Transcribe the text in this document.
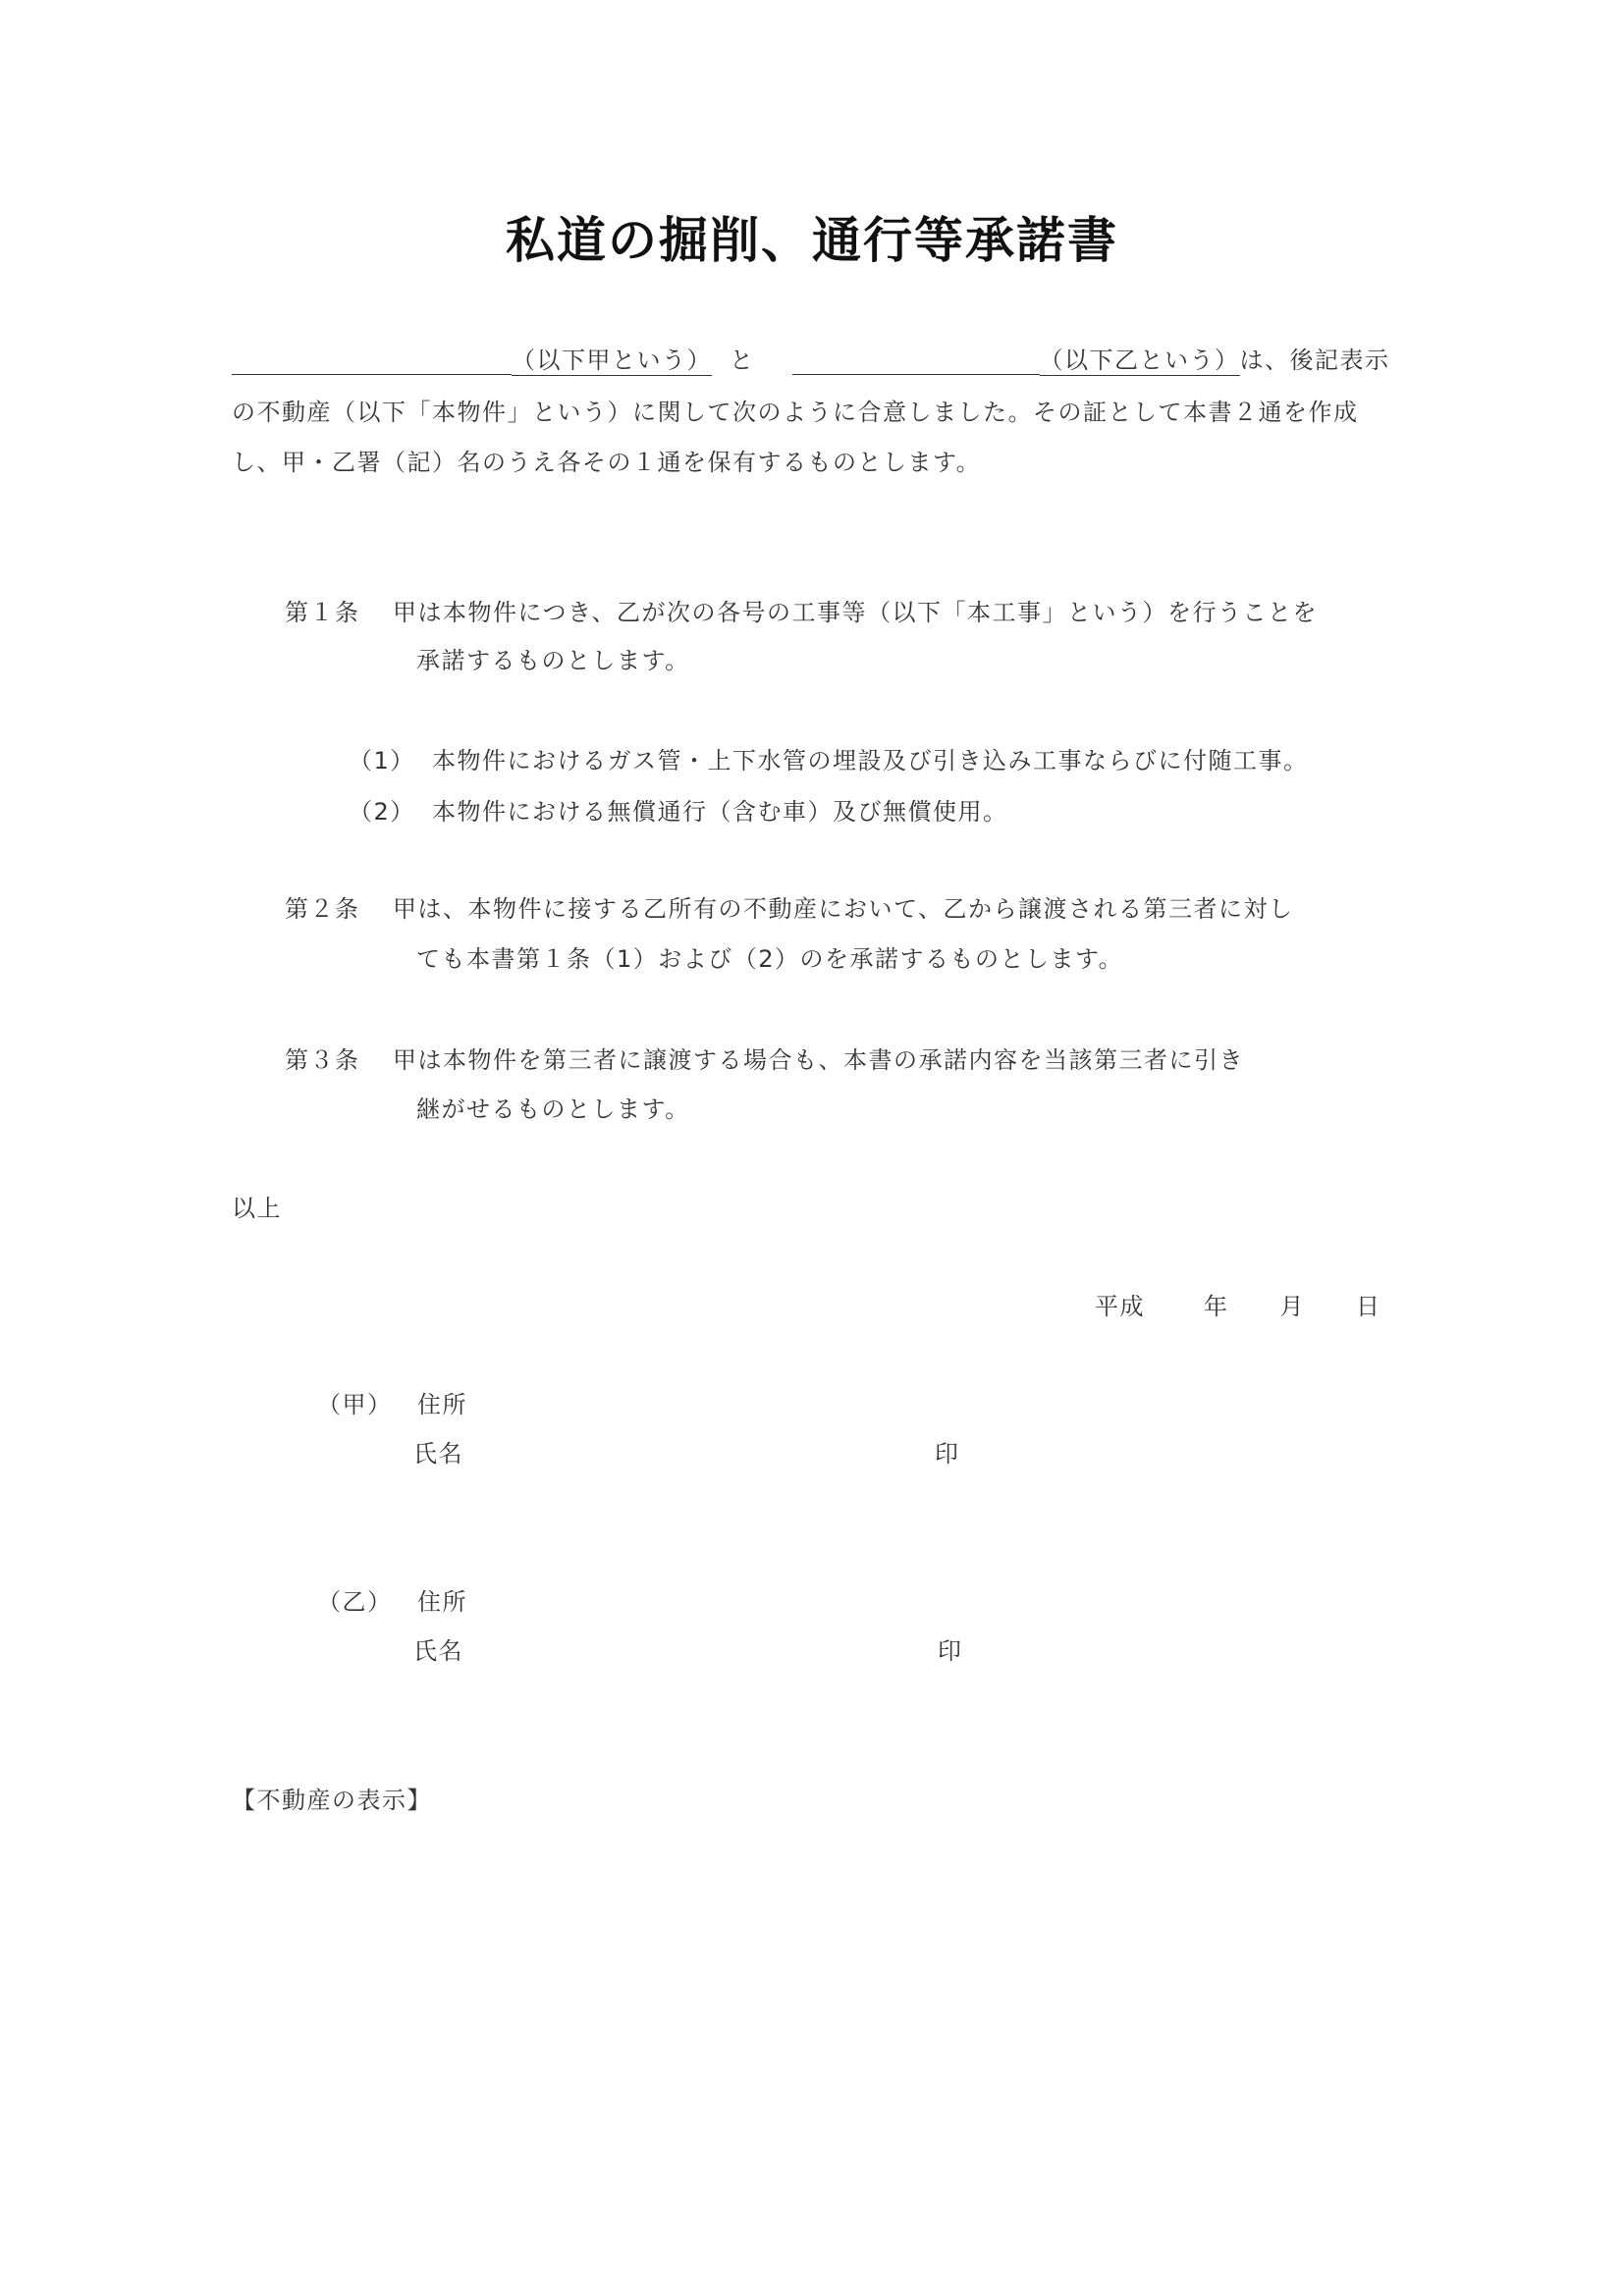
私道の掘削、通行等承諾書
（以下甲という） と	（以下乙という）は、後記表示
の不動産（以下「本物件」という）に関して次のように合意しました。その証として本書２通を作成
し、甲・乙署（記）名のうえ各その１通を保有するものとします。
第１条 甲は本物件につき、乙が次の各号の工事等（以下「本工事」という）を行うことを
承諾するものとします。
（1） 本物件におけるガス管・上下水管の埋設及び引き込み工事ならびに付随工事。
（2） 本物件における無償通行（含む車）及び無償使用。
第２条 甲は、本物件に接する乙所有の不動産において、乙から譲渡される第三者に対し
ても本書第１条（1）および（2）のを承諾するものとします。
第３条 甲は本物件を第三者に譲渡する場合も、本書の承諾内容を当該第三者に引き
継がせるものとします。
以上
平成	年 月 日
（甲） 住所
氏名	印
（乙） 住所
氏名	印
【不動産の表示】
